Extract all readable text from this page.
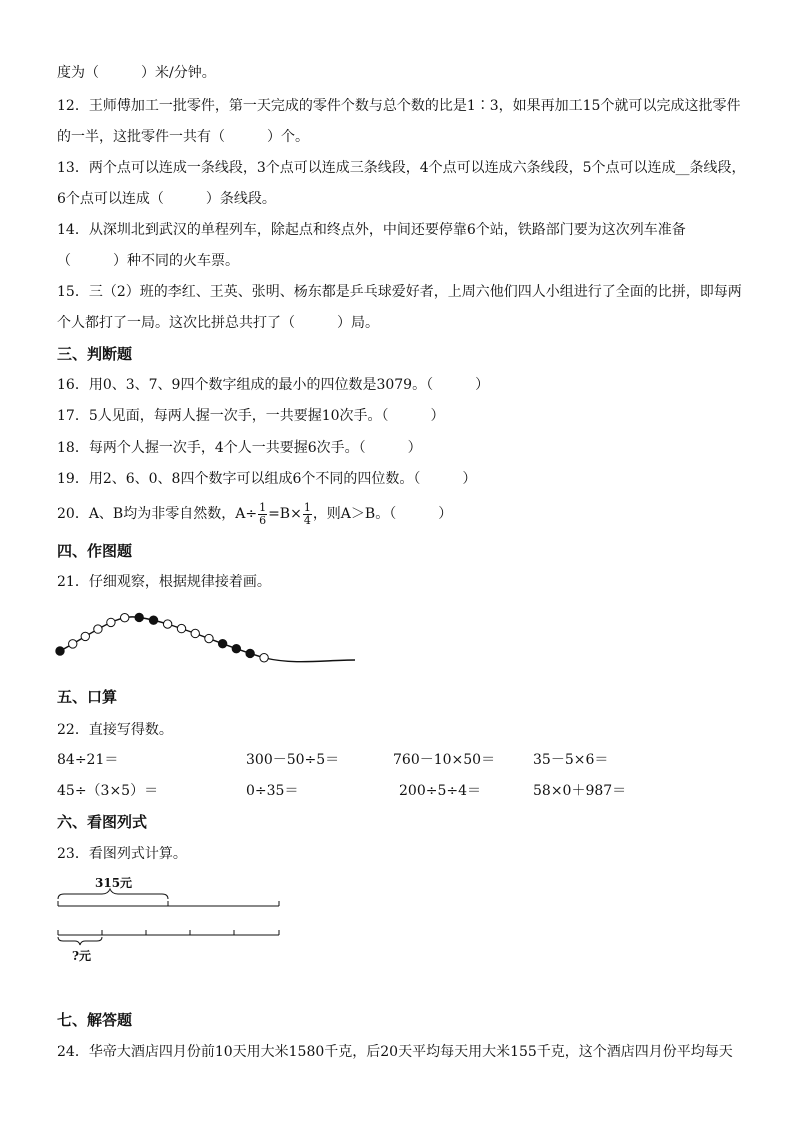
度为（　　　）米/分钟。
12．王师傅加工一批零件，第一天完成的零件个数与总个数的比是1∶3，如果再加工15个就可以完成这批零件
的一半，这批零件一共有（　　　）个。
13．两个点可以连成一条线段，3个点可以连成三条线段，4个点可以连成六条线段，5个点可以连成__条线段，
6个点可以连成（　　　）条线段。
14．从深圳北到武汉的单程列车，除起点和终点外，中间还要停靠6个站，铁路部门要为这次列车准备
（　　　）种不同的火车票。
15．三（2）班的李红、王英、张明、杨东都是乒乓球爱好者，上周六他们四人小组进行了全面的比拼，即每两
个人都打了一局。这次比拼总共打了（　　　）局。
三、判断题
16．用0、3、7、9四个数字组成的最小的四位数是3079。（　　　）
17．5人见面，每两人握一次手，一共要握10次手。（　　　）
18．每两个人握一次手，4个人一共要握6次手。（　　　）
19．用2、6、0、8四个数字可以组成6个不同的四位数。（　　　）
20．A、B均为非零自然数，$A\div \frac{1}{6} =B\times \frac{1}{4}$ ，则A＞B。（　　　）
四、作图题
21．仔细观察，根据规律接着画。
五、口算
22．直接写得数。
84÷21＝	300－50÷5＝	760－10×50＝	35－5×6＝
45÷（3×5）＝	0÷35＝	200÷5÷4＝	58×0＋987＝
六、看图列式
23．看图列式计算。
315元
?元
七、解答题
24．华帝大酒店四月份前10天用大米1580千克，后20天平均每天用大米155千克，这个酒店四月份平均每天
